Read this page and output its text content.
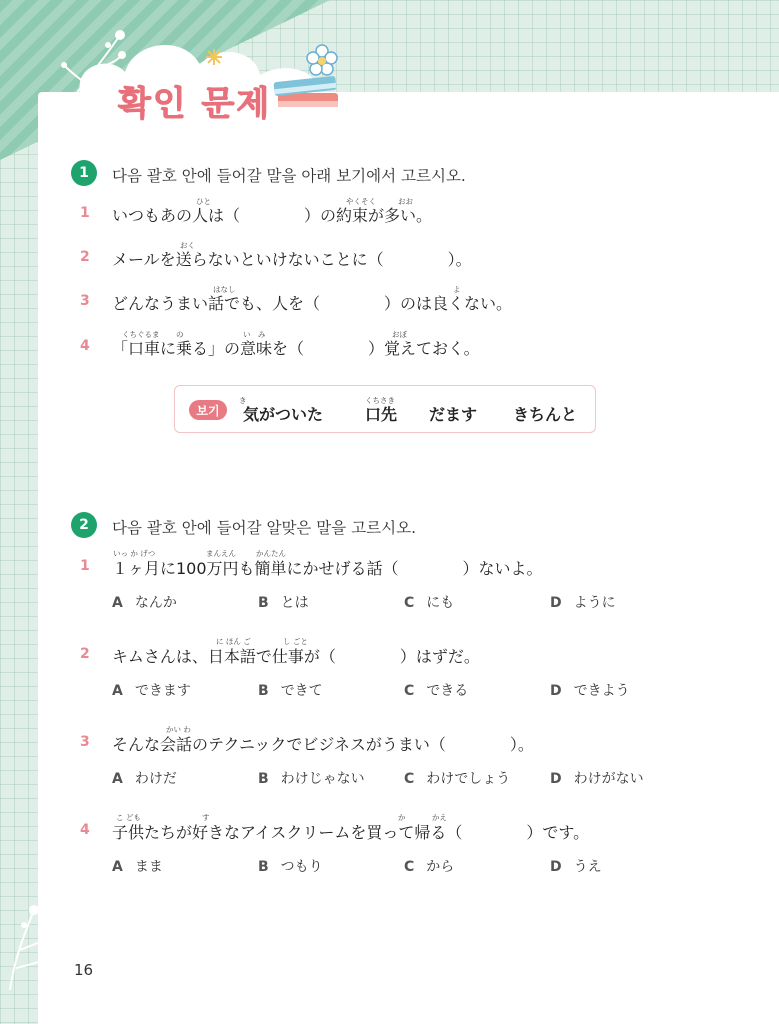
확인 문제
1	다음 괄호 안에 들어갈 말을 아래 보기에서 고르시오.
1
ひと	やくそく	おお
いつもあの人は（　　　　）の約束が多い。
2
おく
メールを送らないといけないことに（　　　　）。
3
はなし	よ
どんなうまい話でも、人を（　　　　）のは良くない。
4
くちぐるま の	い　み	おぼ
「口車に乗る」の意味を（　　　　）覚えておく。
보기
き	くちさき
気がついた	口先 だます きちんと
2	다음 괄호 안에 들어갈 알맞은 말을 고르시오.
1
いっ か げつ	まんえん	かんたん
１ヶ月に100万円も簡単にかせげる話（　　　　）ないよ。
A なんか	B とは	C にも	D ように
2
に ほん ご	し ごと
キムさんは、日本語で仕事が（　　　　）はずだ。
A できます	B できて	C できる	D できよう
3
かい わ
そんな会話のテクニックでビジネスがうまい（　　　　）。
A わけだ	B わけじゃない	C わけでしょう	D わけがない
4
こ ども	す	か	かえ
子供たちが好きなアイスクリームを買って帰る（　　　　）です。
A まま	B つもり	C から	D うえ
16
